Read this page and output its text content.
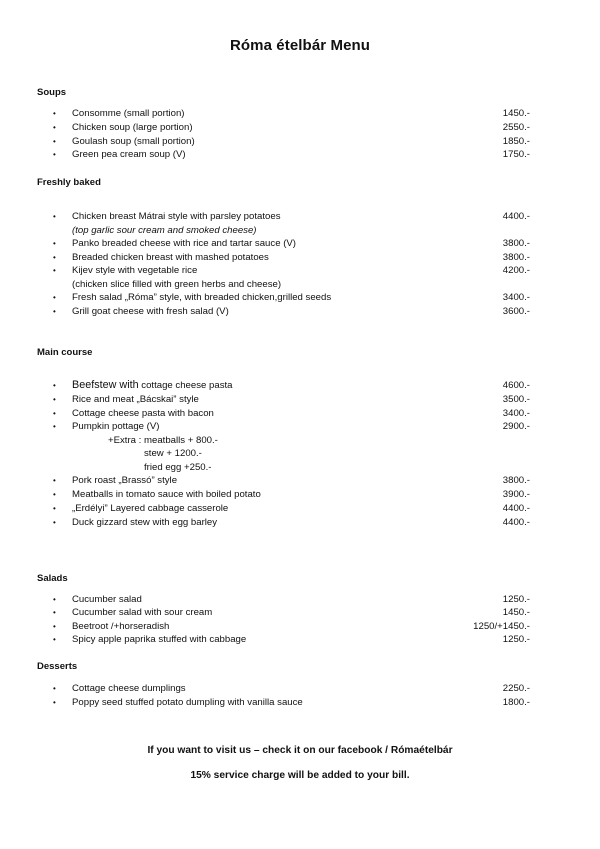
Róma ételbár Menu
Soups
• Consomme (small portion)	1450.-
• Chicken soup (large portion)	2550.-
• Goulash soup (small portion)	1850.-
• Green pea cream soup (V)	1750.-
Freshly baked
• Chicken breast Mátrai style with parsley potatoes	4400.-
(top garlic sour cream and smoked cheese)
• Panko breaded cheese with rice and tartar sauce (V)	3800.-
• Breaded chicken breast with mashed potatoes	3800.-
• Kijev style with vegetable rice	4200.-
(chicken slice filled with green herbs and cheese)
• Fresh salad „Róma” style, with breaded chicken,grilled seeds	3400.-
• Grill goat cheese with fresh salad (V)	3600.-
Main course
• Beefstew with cottage cheese pasta	4600.-
• Rice and meat „Bácskai” style	3500.-
• Cottage cheese pasta with bacon	3400.-
• Pumpkin pottage (V)	2900.-
+Extra : meatballs + 800.-
stew + 1200.-
fried egg +250.-
• Pork roast „Brassó” style	3800.-
• Meatballs in tomato sauce with boiled potato	3900.-
• „Erdélyi” Layered cabbage casserole	4400.-
• Duck gizzard stew with egg barley	4400.-
Salads
• Cucumber salad	1250.-
• Cucumber salad with sour cream	1450.-
• Beetroot /+horseradish	1250/+1450.-
• Spicy apple paprika stuffed with cabbage	1250.-
Desserts
• Cottage cheese dumplings	2250.-
• Poppy seed stuffed potato dumpling with vanilla sauce	1800.-
If you want to visit us – check it on our facebook / Rómaételbár
15% service charge will be added to your bill.
